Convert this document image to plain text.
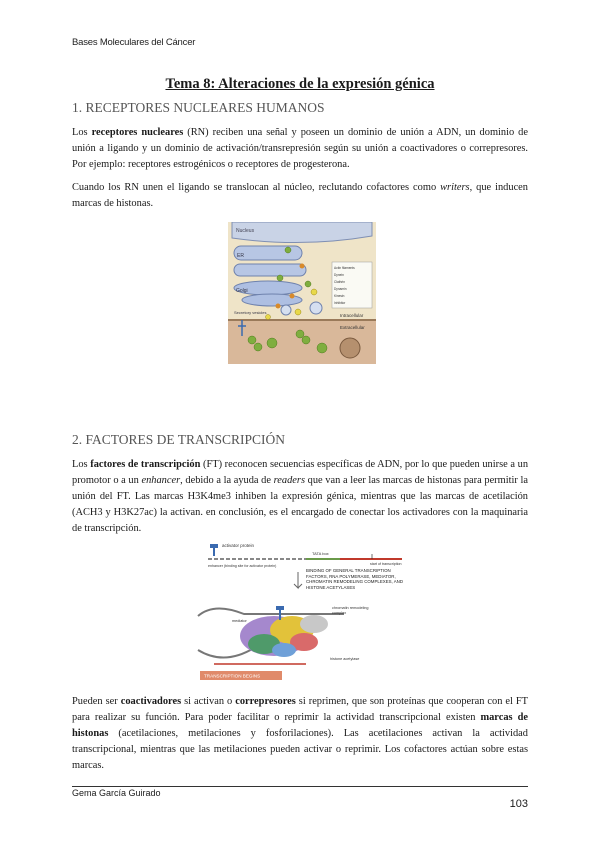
Bases Moleculares del Cáncer
Tema 8: Alteraciones de la expresión génica
1. RECEPTORES NUCLEARES HUMANOS
Los receptores nucleares (RN) reciben una señal y poseen un dominio de unión a ADN, un dominio de unión a ligando y un dominio de activación/transrepresión según su unión a coactivadores o correpresores. Por ejemplo: receptores estrogénicos o receptores de progesterona.
Cuando los RN unen el ligando se translocan al núcleo, reclutando cofactores como writers, que inducen marcas de histonas.
Nucleus
ER
Golgi
Secretory vesicles
Actin filaments
Dynein
Clathrin
Dynamin
Kinesin
Inhibitor
Intracellular
Extracellular
2. FACTORES DE TRANSCRIPCIÓN
Los factores de transcripción (FT) reconocen secuencias específicas de ADN, por lo que pueden unirse a un promotor o a un enhancer, debido a la ayuda de readers que van a leer las marcas de histonas para permitir la unión del FT. Las marcas H3K4me3 inhiben la expresión génica, mientras que las marcas de acetilación (ACH3 y H3K27ac) la activan. en conclusión, es el encargado de conectar los activadores con la maquinaria de transcripción.
activator protein
enhancer (binding site for activator protein)
TATA box
start of transcription
BINDING OF GENERAL TRANSCRIPTION FACTORS, RNA POLYMERASE, MEDIATOR, CHROMATIN REMODELING COMPLEXES, AND HISTONE ACETYLASES
mediator
chromatin remodeling complex
histone acetylase
TRANSCRIPTION BEGINS
Pueden ser coactivadores si activan o correpresores si reprimen, que son proteínas que cooperan con el FT para realizar su función. Para poder facilitar o reprimir la actividad transcripcional existen marcas de histonas (acetilaciones, metilaciones y fosforilaciones). Las acetilaciones activan la actividad transcripcional, mientras que las metilaciones pueden activar o reprimir. Los cofactores actúan sobre estas marcas.
Gema García Guirado
103
